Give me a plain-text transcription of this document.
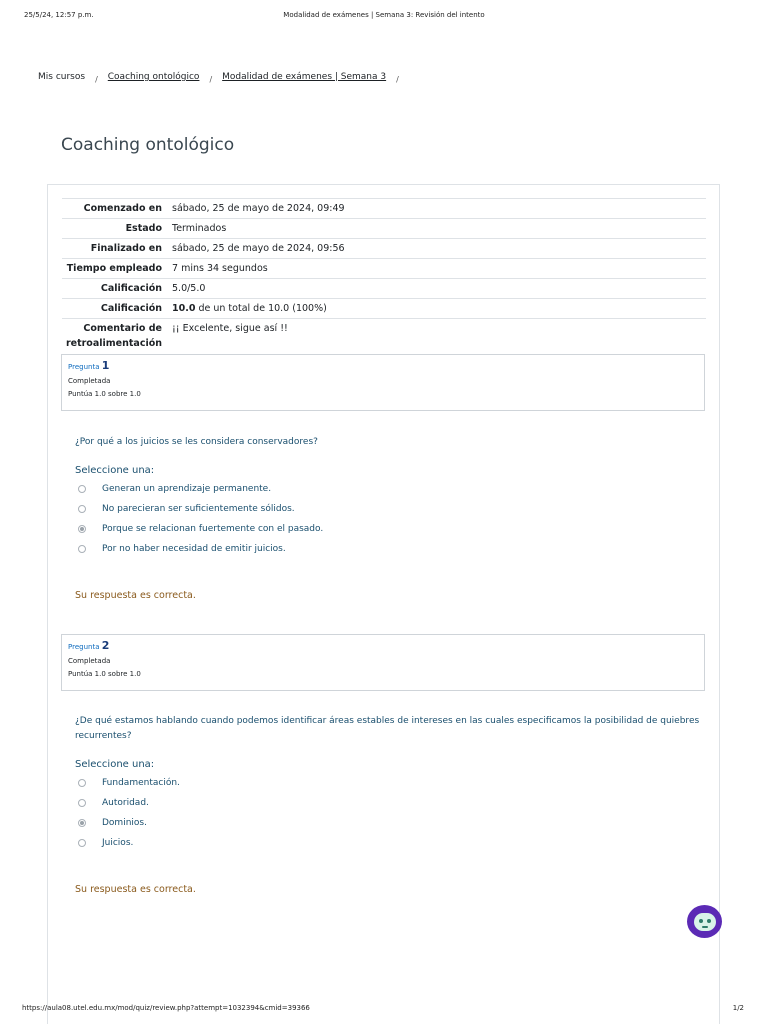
25/5/24, 12:57 p.m.	Modalidad de exámenes | Semana 3: Revisión del intento
Mis cursos / Coaching ontológico / Modalidad de exámenes | Semana 3 /
Coaching ontológico
Comenzado en	sábado, 25 de mayo de 2024, 09:49
Estado	Terminados
Finalizado en	sábado, 25 de mayo de 2024, 09:56
Tiempo empleado	7 mins 34 segundos
Calificación	5.0/5.0
Calificación	10.0 de un total de 10.0 (100%)
Comentario de retroalimentación	¡¡ Excelente, sigue así !!
Pregunta 1
Completada
Puntúa 1.0 sobre 1.0
¿Por qué a los juicios se les considera conservadores?
Seleccione una:
Generan un aprendizaje permanente.
No parecieran ser suficientemente sólidos.
Porque se relacionan fuertemente con el pasado.
Por no haber necesidad de emitir juicios.
Su respuesta es correcta.
Pregunta 2
Completada
Puntúa 1.0 sobre 1.0
¿De qué estamos hablando cuando podemos identificar áreas estables de intereses en las cuales especificamos la posibilidad de quiebres recurrentes?
Seleccione una:
Fundamentación.
Autoridad.
Dominios.
Juicios.
Su respuesta es correcta.
https://aula08.utel.edu.mx/mod/quiz/review.php?attempt=1032394&cmid=39366	1/2
